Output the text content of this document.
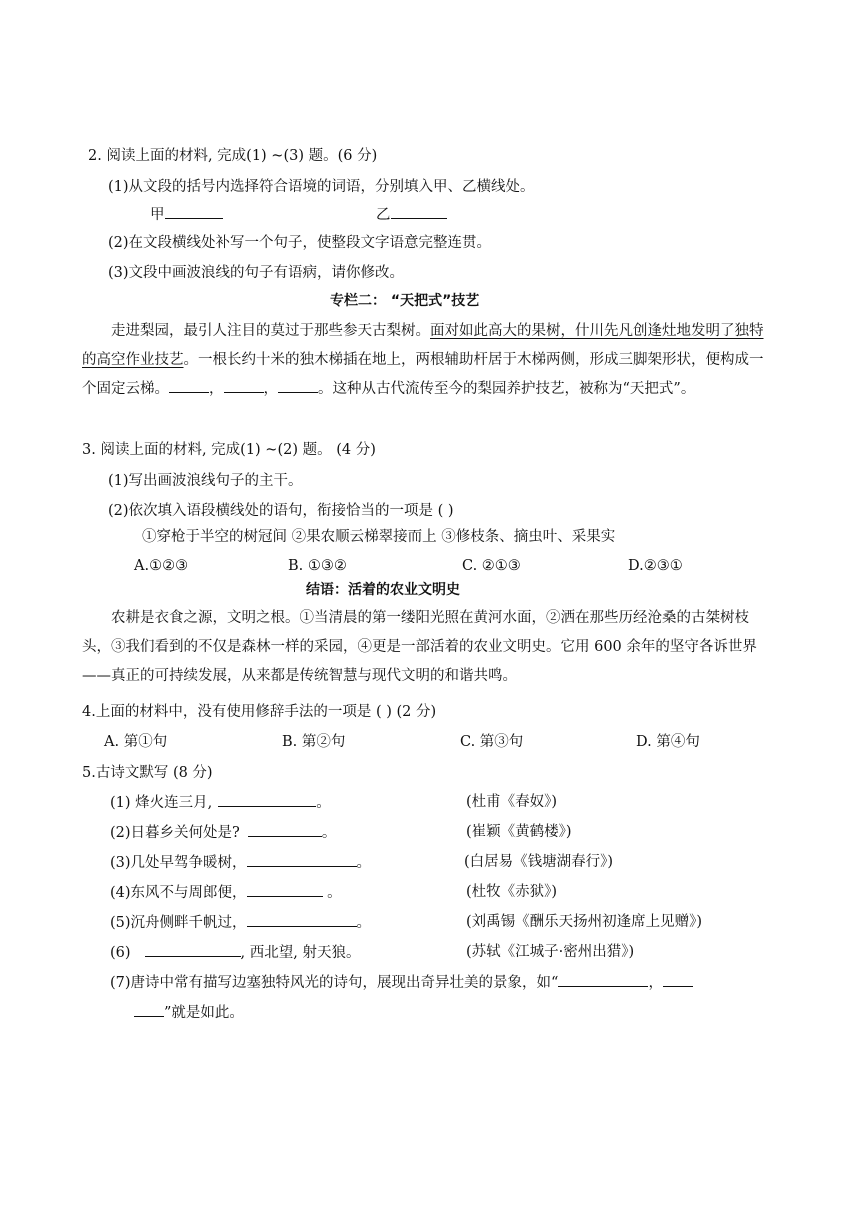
2. 阅读上面的材料, 完成(1) ~(3) 题。(6 分)
(1)从文段的括号内选择符合语境的词语，分别填入甲、乙横线处。
甲	乙
(2)在文段横线处补写一个句子，使整段文字语意完整连贯。
(3)文段中画波浪线的句子有语病，请你修改。
专栏二： “天把式”技艺
走进梨园，最引人注目的莫过于那些参天古梨树。面对如此高大的果树，什川先凡创逢灶地发明了独特的高空作业技艺。一根长约十米的独木梯插在地上，两根辅助杆居于木梯两侧，形成三脚架形状，便构成一个固定云梯。	，	，	。这种从古代流传至今的梨园养护技艺，被称为“天把式”。
3. 阅读上面的材料, 完成(1) ~(2) 题。 (4 分)
(1)写出画波浪线句子的主干。
(2)依次填入语段横线处的语句，衔接恰当的一项是 ( )
①穿枪于半空的树冠间 ②果农顺云梯翠接而上 ③修枝条、摘虫叶、采果实
A.①②③	B. ①③②	C. ②①③	D.②③①
结语：活着的农业文明史
农耕是衣食之源，文明之根。①当清晨的第一缕阳光照在黄河水面，②洒在那些历经沧桑的古桀树枝头，③我们看到的不仅是森林一样的采园，④更是一部活着的农业文明史。它用 600 余年的坚守各诉世界——真正的可持续发展，从来都是传统智慧与现代文明的和谐共鸣。
4.上面的材料中，没有使用修辞手法的一项是 ( ) (2 分)
A. 第①句	B. 第②句	C. 第③句	D. 第④句
5.古诗文默写 (8 分)
(1) 烽火连三月,	。	(杜甫《春奴》)
(2)日暮乡关何处是?	。	(崔颖《黄鹤楼》)
(3)几处早驾争暖树，	。	(白居易《钱塘湖春行》)
(4)东风不与周郎便，	。	(杜牧《赤狱》)
(5)沉舟侧畔千帆过，	。	(刘禹锡《酬乐天扬州初逢席上见赠》)
(6)	, 西北望, 射天狼。	(苏轼《江城子·密州出猎》)
(7)唐诗中常有描写边塞独特风光的诗句，展现出奇异壮美的景象，如“	，
”就是如此。
